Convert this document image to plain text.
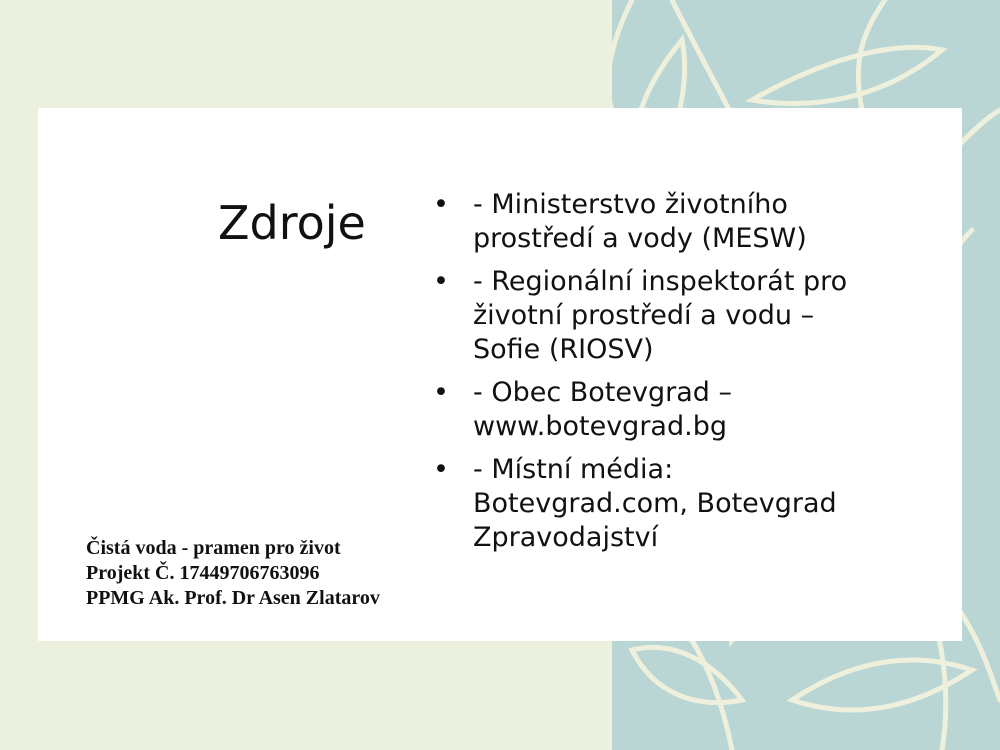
Zdroje • - Ministerstvo životního prostředí a vody (MESW)
• - Regionální inspektorát pro životní prostředí a vodu – Sofie (RIOSV)
• - Obec Botevgrad – www.botevgrad.bg
• - Místní média: Botevgrad.com, Botevgrad Zpravodajství
Čistá voda - pramen pro život
Projekt Č. 17449706763096
PPMG Ak. Prof. Dr Asen Zlatarov
